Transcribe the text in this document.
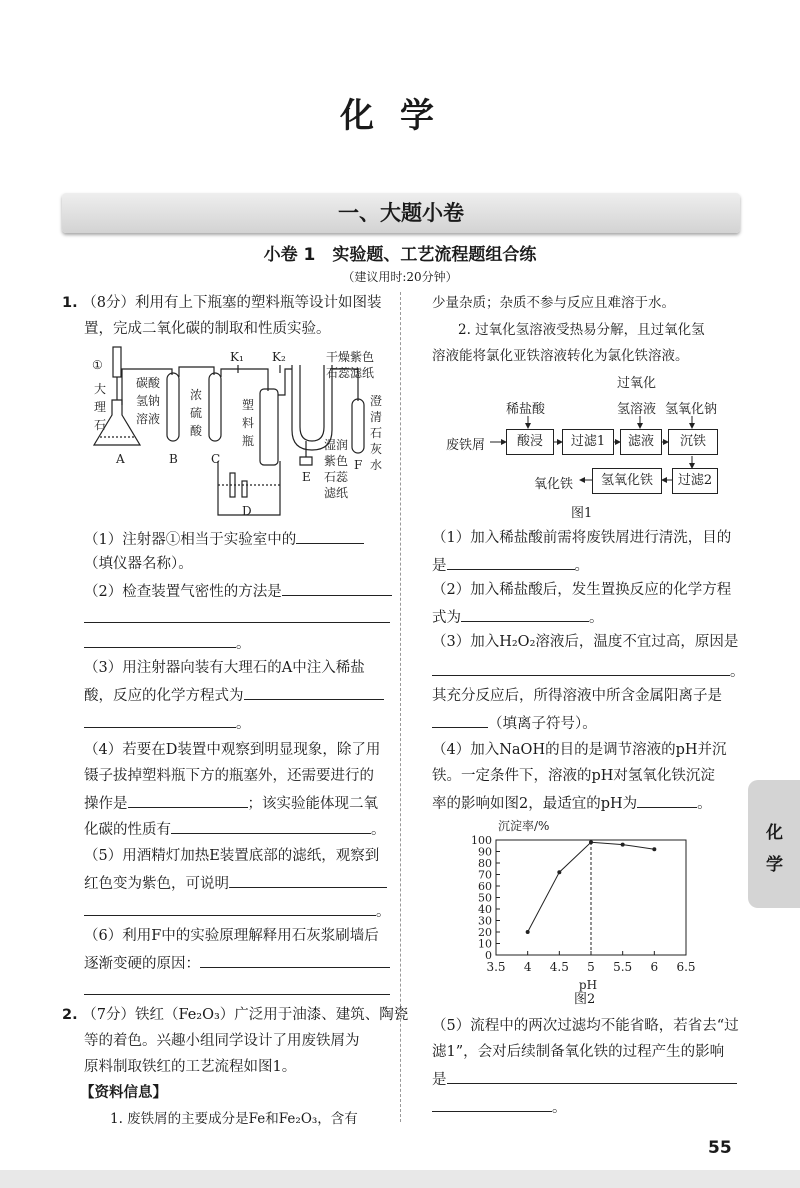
化学
一、大题小卷
小卷 1　实验题、工艺流程题组合练
（建议用时:20分钟）
1. （8分）利用有上下瓶塞的塑料瓶等设计如图装
置，完成二氧化碳的制取和性质实验。
①
大
理
石
碳酸
氢钠
溶液
浓
硫
酸
K₁ K₂
塑
料
瓶
干燥紫色
石蕊滤纸
澄
清
石
灰
水
湿润
紫色
石蕊
滤纸
A	B	C
D
E
F
（1）注射器①相当于实验室中的
（填仪器名称）。
（2）检查装置气密性的方法是
。
（3）用注射器向装有大理石的A中注入稀盐
酸，反应的化学方程式为
。
（4）若要在D装置中观察到明显现象，除了用
镊子拔掉塑料瓶下方的瓶塞外，还需要进行的
操作是	；该实验能体现二氧
化碳的性质有	。
（5）用酒精灯加热E装置底部的滤纸，观察到
红色变为紫色，可说明
。
（6）利用F中的实验原理解释用石灰浆刷墙后
逐渐变硬的原因：
2. （7分）铁红（Fe₂O₃）广泛用于油漆、建筑、陶瓷
等的着色。兴趣小组同学设计了用废铁屑为
原料制取铁红的工艺流程如图1。
【资料信息】
1. 废铁屑的主要成分是Fe和Fe₂O₃，含有
少量杂质；杂质不参与反应且难溶于水。
2. 过氧化氢溶液受热易分解，且过氧化氢
溶液能将氯化亚铁溶液转化为氯化铁溶液。
过氧化
稀盐酸	氢溶液 氢氧化钠
废铁屑	酸浸	过滤1	滤液	沉铁
过滤2
氢氧化铁
氧化铁
图1
（1）加入稀盐酸前需将废铁屑进行清洗，目的
是	。
（2）加入稀盐酸后，发生置换反应的化学方程
式为	。
（3）加入H₂O₂溶液后，温度不宜过高，原因是
。
其充分反应后，所得溶液中所含金属阳离子是
（填离子符号）。
（4）加入NaOH的目的是调节溶液的pH并沉
铁。一定条件下，溶液的pH对氢氧化铁沉淀
率的影响如图2，最适宜的pH为	。
沉淀率/%
0
10
20
30
40
50
60
70
80
90
100
3.5 4 4.5 5 5.5 6 6.5
pH
图2
（5）流程中的两次过滤均不能省略，若省去“过
滤1”，会对后续制备氧化铁的过程产生的影响
是
。
化
学
55
